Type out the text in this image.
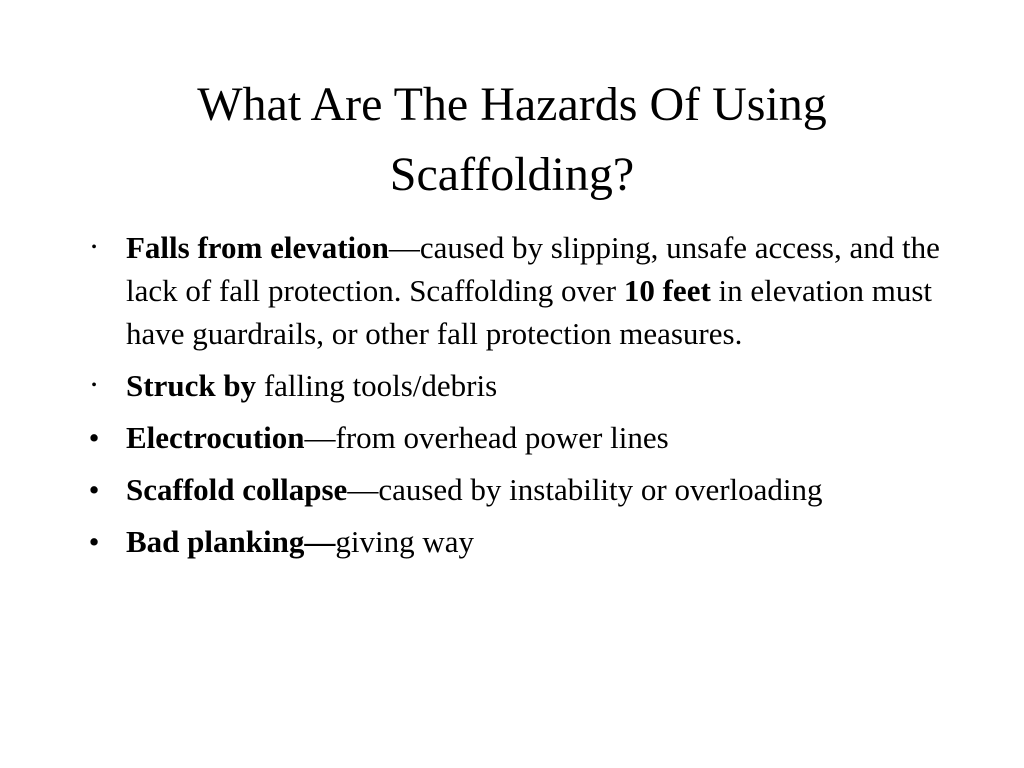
What Are The Hazards Of Using Scaffolding?
• Falls from elevation—caused by slipping, unsafe access, and the lack of fall protection. Scaffolding over 10 feet in elevation must have guardrails, or other fall protection measures.
• Struck by falling tools/debris
• Electrocution—from overhead power lines
• Scaffold collapse—caused by instability or overloading
• Bad planking—giving way
